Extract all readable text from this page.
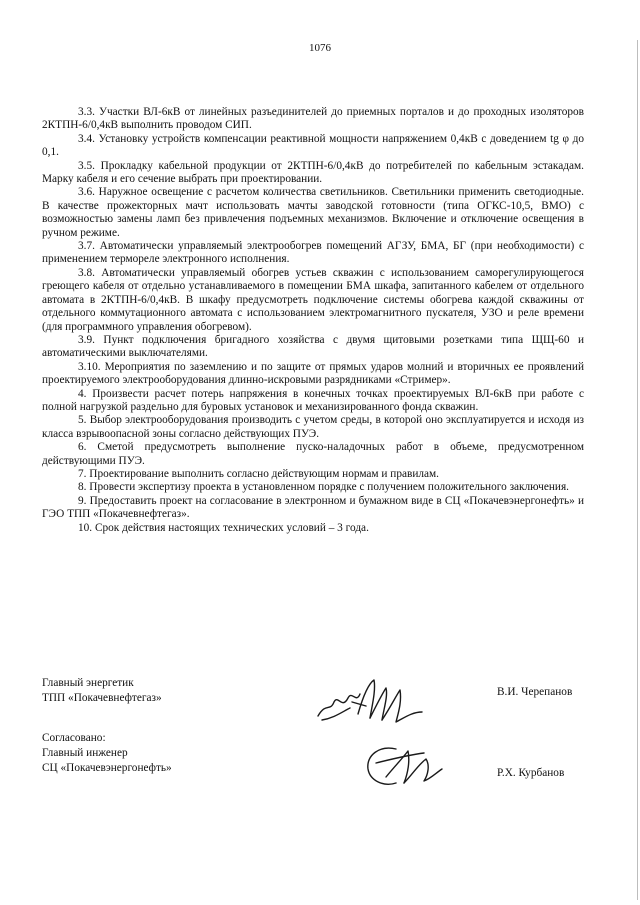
1076

3.3. Участки ВЛ-6кВ от линейных разъединителей до приемных порталов и до проходных изоляторов 2КТПН-6/0,4кВ выполнить проводом СИП.

3.4. Установку устройств компенсации реактивной мощности напряжением 0,4кВ с доведением tg φ до 0,1.

3.5. Прокладку кабельной продукции от 2КТПН-6/0,4кВ до потребителей по кабельным эстакадам. Марку кабеля и его сечение выбрать при проектировании.

3.6. Наружное освещение с расчетом количества светильников. Светильники применить светодиодные. В качестве прожекторных мачт использовать мачты заводской готовности (типа ОГКС-10,5, ВМО) с возможностью замены ламп без привлечения подъемных механизмов. Включение и отключение освещения в ручном режиме.

3.7. Автоматически управляемый электрообогрев помещений АГЗУ, БМА, БГ (при необходимости) с применением термореле электронного исполнения.

3.8. Автоматически управляемый обогрев устьев скважин с использованием саморегулирующегося греющего кабеля от отдельно устанавливаемого в помещении БМА шкафа, запитанного кабелем от отдельного автомата в 2КТПН-6/0,4кВ. В шкафу предусмотреть подключение системы обогрева каждой скважины от отдельного коммутационного автомата с использованием электромагнитного пускателя, УЗО и реле времени (для программного управления обогревом).

3.9. Пункт подключения бригадного хозяйства с двумя щитовыми розетками типа ЩЩ-60 и автоматическими выключателями.

3.10. Мероприятия по заземлению и по защите от прямых ударов молний и вторичных ее проявлений проектируемого электрооборудования длинно-искровыми разрядниками «Стример».

4. Произвести расчет потерь напряжения в конечных точках проектируемых ВЛ-6кВ при работе с полной нагрузкой раздельно для буровых установок и механизированного фонда скважин.

5. Выбор электрооборудования производить с учетом среды, в которой оно эксплуатируется и исходя из класса взрывоопасной зоны согласно действующих ПУЭ.

6. Сметой предусмотреть выполнение пуско-наладочных работ в объеме, предусмотренном действующими ПУЭ.

7. Проектирование выполнить согласно действующим нормам и правилам.

8. Провести экспертизу проекта в установленном порядке с получением положительного заключения.

9. Предоставить проект на согласование в электронном и бумажном виде в СЦ «Покачевэнергонефть» и ГЭО ТПП «Покачевнефтегаз».

10. Срок действия настоящих технических условий – 3 года.

Главный энергетик
ТПП «Покачевнефтегаз»	В.И. Черепанов
Согласовано:
Главный инженер
СЦ «Покачевэнергонефть»	Р.Х. Курбанов
